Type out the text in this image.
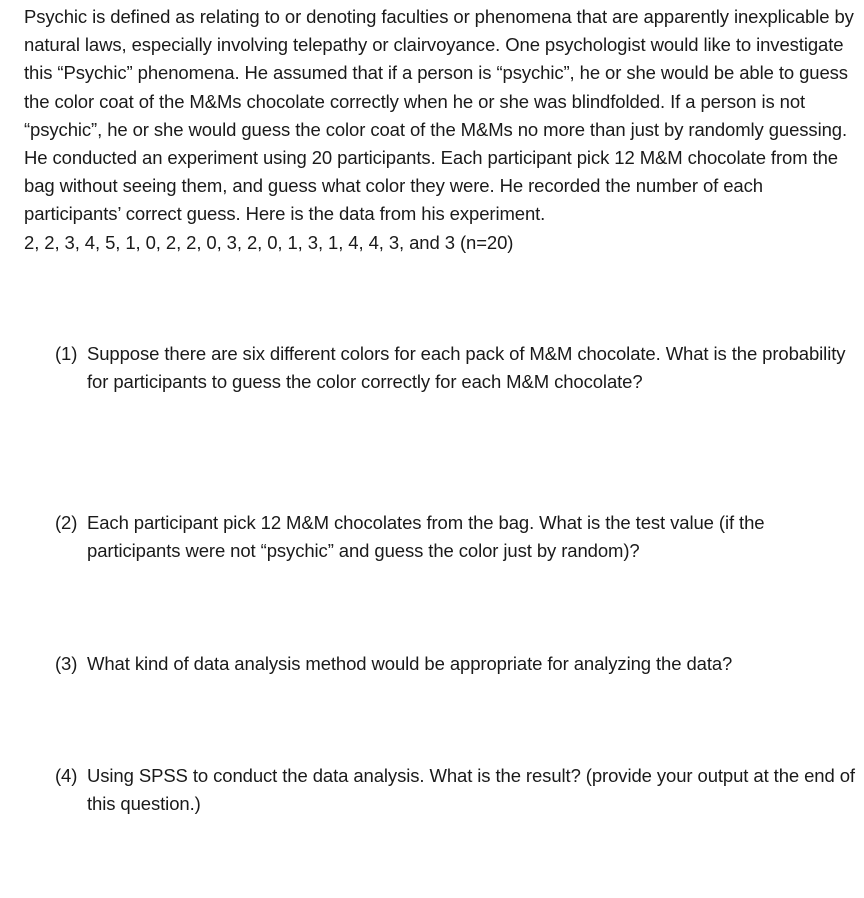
Psychic is defined as relating to or denoting faculties or phenomena that are apparently inexplicable by natural laws, especially involving telepathy or clairvoyance. One psychologist would like to investigate this “Psychic” phenomena. He assumed that if a person is “psychic”, he or she would be able to guess the color coat of the M&Ms chocolate correctly when he or she was blindfolded. If a person is not “psychic”, he or she would guess the color coat of the M&Ms no more than just by randomly guessing. He conducted an experiment using 20 participants. Each participant pick 12 M&M chocolate from the bag without seeing them, and guess what color they were. He recorded the number of each participants’ correct guess. Here is the data from his experiment.

2, 2, 3, 4, 5, 1, 0, 2, 2, 0, 3, 2, 0, 1, 3, 1, 4, 4, 3, and 3 (n=20)

(1) Suppose there are six different colors for each pack of M&M chocolate. What is the probability for participants to guess the color correctly for each M&M chocolate?
(2) Each participant pick 12 M&M chocolates from the bag. What is the test value (if the participants were not “psychic” and guess the color just by random)?
(3) What kind of data analysis method would be appropriate for analyzing the data?
(4) Using SPSS to conduct the data analysis. What is the result? (provide your output at the end of this question.)
